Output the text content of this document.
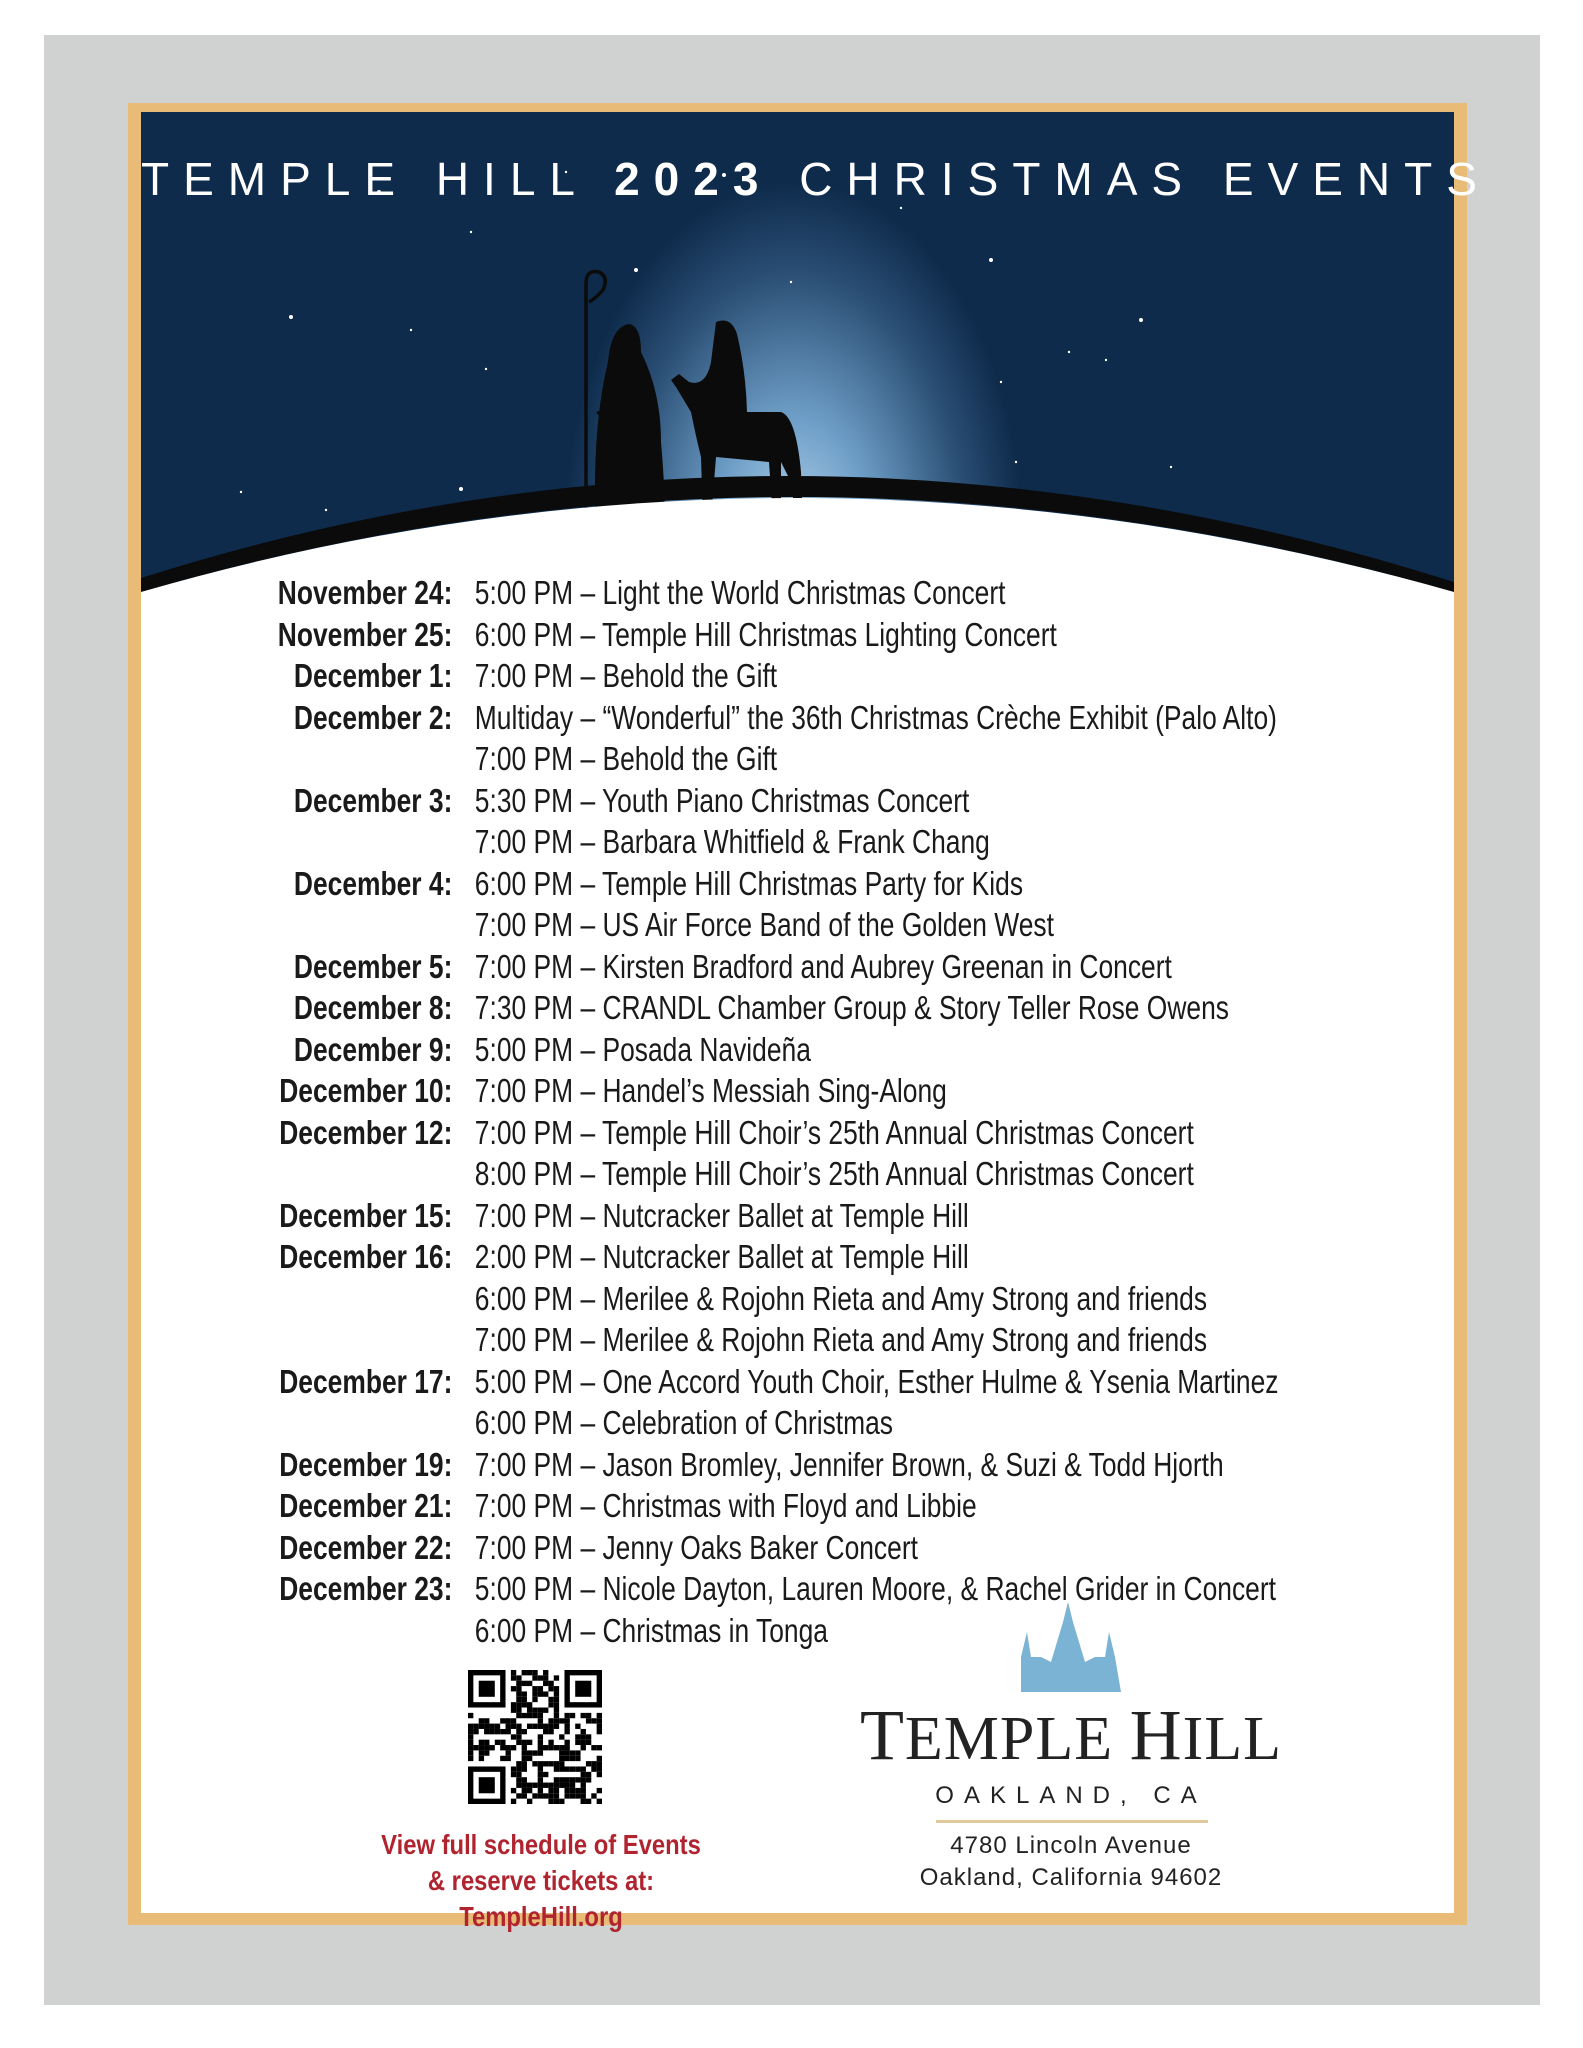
TEMPLE HILL 2023 CHRISTMAS EVENTS
November 24: 5:00 PM – Light the World Christmas Concert
November 25: 6:00 PM – Temple Hill Christmas Lighting Concert
December 1: 7:00 PM – Behold the Gift
December 2: Multiday – “Wonderful” the 36th Christmas Crèche Exhibit (Palo Alto)
7:00 PM – Behold the Gift
December 3: 5:30 PM – Youth Piano Christmas Concert
7:00 PM – Barbara Whitfield & Frank Chang
December 4: 6:00 PM – Temple Hill Christmas Party for Kids
7:00 PM – US Air Force Band of the Golden West
December 5: 7:00 PM – Kirsten Bradford and Aubrey Greenan in Concert
December 8: 7:30 PM – CRANDL Chamber Group & Story Teller Rose Owens
December 9: 5:00 PM – Posada Navideña
December 10: 7:00 PM – Handel’s Messiah Sing-Along
December 12: 7:00 PM – Temple Hill Choir’s 25th Annual Christmas Concert
8:00 PM – Temple Hill Choir’s 25th Annual Christmas Concert
December 15: 7:00 PM – Nutcracker Ballet at Temple Hill
December 16: 2:00 PM – Nutcracker Ballet at Temple Hill
6:00 PM – Merilee & Rojohn Rieta and Amy Strong and friends
7:00 PM – Merilee & Rojohn Rieta and Amy Strong and friends
December 17: 5:00 PM – One Accord Youth Choir, Esther Hulme & Ysenia Martinez
6:00 PM – Celebration of Christmas
December 19: 7:00 PM – Jason Bromley, Jennifer Brown, & Suzi & Todd Hjorth
December 21: 7:00 PM – Christmas with Floyd and Libbie
December 22: 7:00 PM – Jenny Oaks Baker Concert
December 23: 5:00 PM – Nicole Dayton, Lauren Moore, & Rachel Grider in Concert
6:00 PM – Christmas in Tonga
View full schedule of Events
& reserve tickets at: TempleHill.org
TEMPLE HILL
OAKLAND, CA
4780 Lincoln Avenue
Oakland, California 94602
